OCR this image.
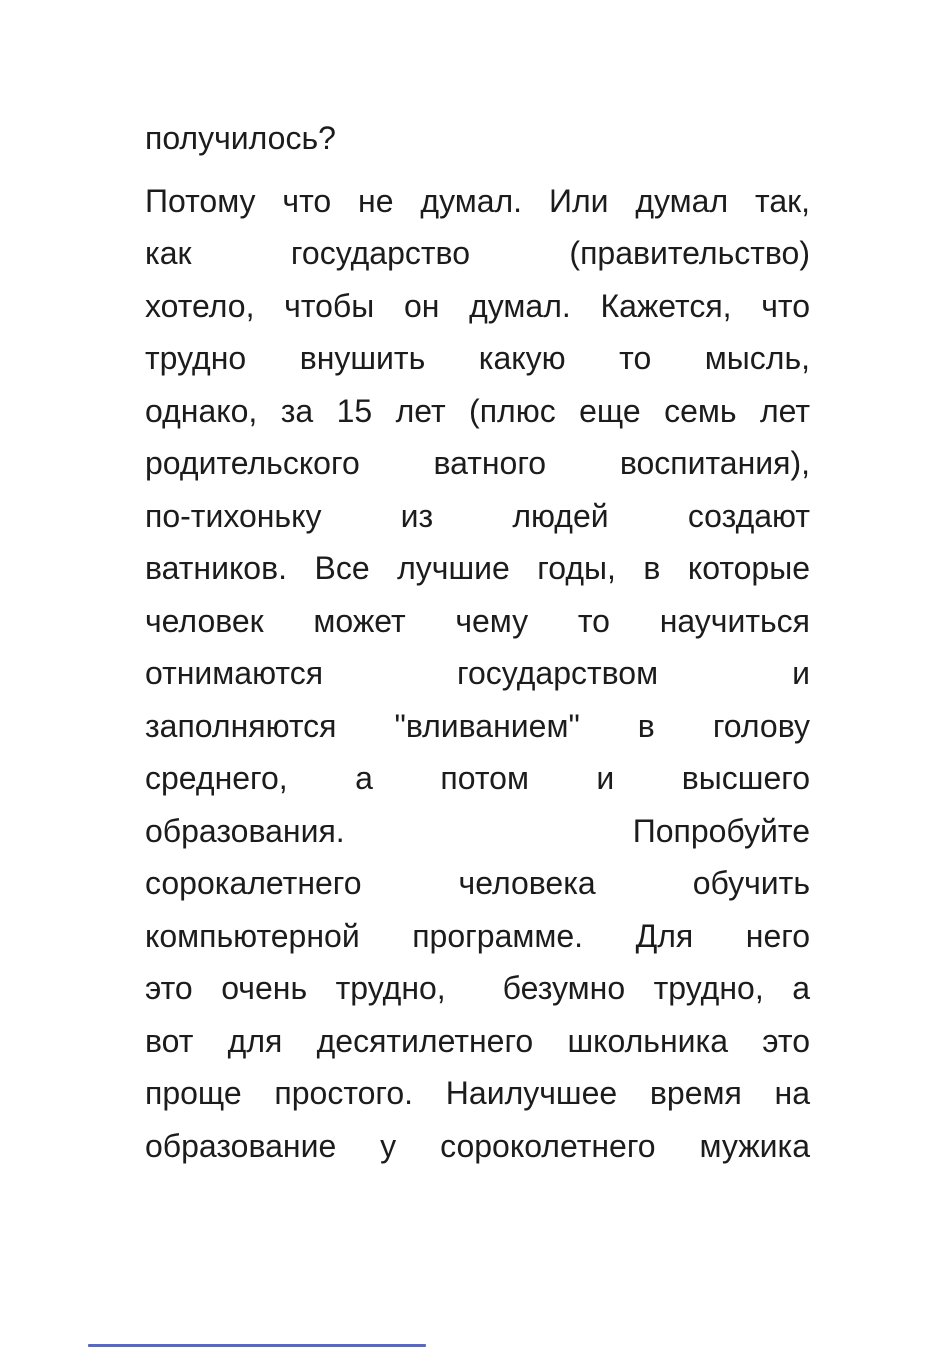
получилось?
Потому что не думал. Или думал так,
как государство (правительство)
хотело, чтобы он думал. Кажется, что
трудно внушить какую то мысль,
однако, за 15 лет (плюс еще семь лет
родительского ватного воспитания),
по-тихоньку из людей создают
ватников. Все лучшие годы, в которые
человек может чему то научиться
отнимаются государством и
заполняются "вливанием" в голову
среднего, а потом и высшего
образования. Попробуйте
сорокалетнего человека обучить
компьютерной программе. Для него
это очень трудно,  безумно трудно, а
вот для десятилетнего школьника это
проще простого. Наилучшее время на
образование у сороколетнего мужика
